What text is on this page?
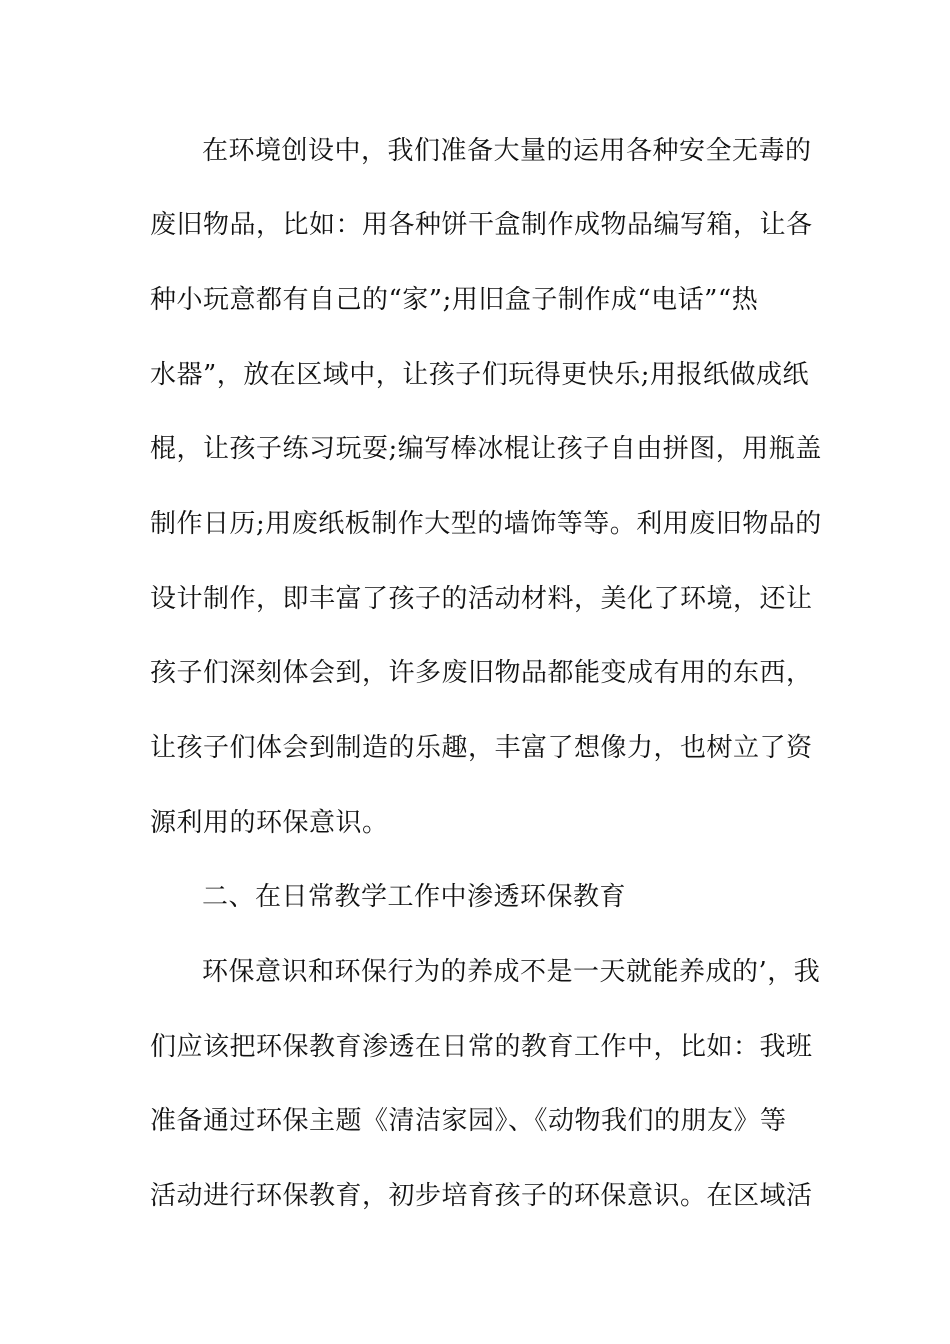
在环境创设中，我们准备大量的运用各种安全无毒的
废旧物品，比如：用各种饼干盒制作成物品编写箱，让各
种小玩意都有自己的“家”;用旧盒子制作成“电话”“热
水器”，放在区域中，让孩子们玩得更快乐;用报纸做成纸
棍，让孩子练习玩耍;编写棒冰棍让孩子自由拼图，用瓶盖
制作日历;用废纸板制作大型的墙饰等等。利用废旧物品的
设计制作，即丰富了孩子的活动材料，美化了环境，还让
孩子们深刻体会到，许多废旧物品都能变成有用的东西，
让孩子们体会到制造的乐趣，丰富了想像力，也树立了资
源利用的环保意识。
二、在日常教学工作中渗透环保教育
环保意识和环保行为的养成不是一天就能养成的’，我
们应该把环保教育渗透在日常的教育工作中，比如：我班
准备通过环保主题《清洁家园》、《动物我们的朋友》等
活动进行环保教育，初步培育孩子的环保意识。在区域活
